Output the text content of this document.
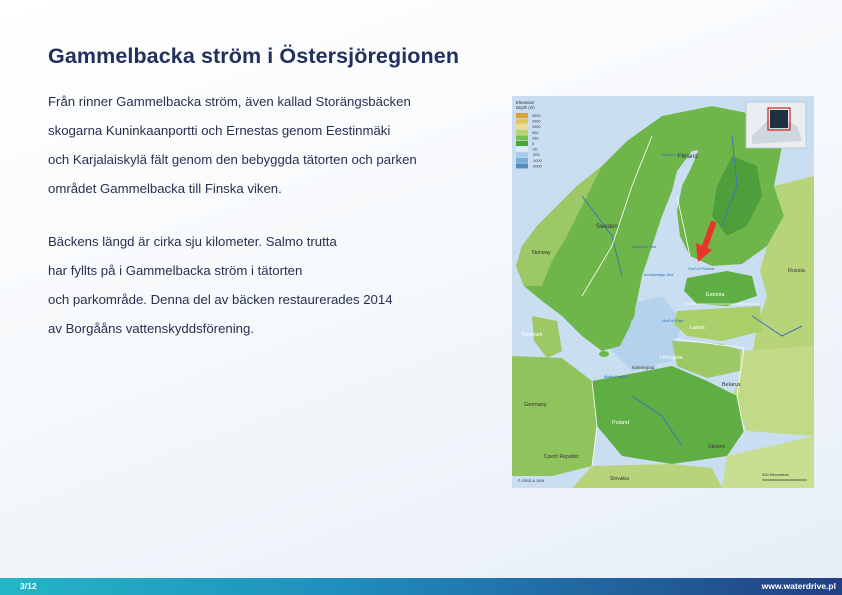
Gammelbacka ström i Östersjöregionen
Från rinner Gammelbacka ström, även kallad Storängsbäcken
skogarna Kuninkaanportti och Ernestas genom Eestinmäki
och Karjalaiskylä fält genom den bebyggda tätorten och parken
området Gammelbacka till Finska viken.
Bäckens längd är cirka sju kilometer. Salmo trutta
har fyllts på i Gammelbacka ström i tätorten
och parkområde. Denna del av bäcken restaurerades 2014
av Borgååns vattenskyddsförening.
Elevation/
Depth (m)
4000
2000
1000
500
200
0
-20
-200
-1000
-2000
Finland
Sweden
Norway
Estonia
Latvia
Lithuania
Russia
Belarus
Poland
Germany
Denmark
Ukraine
Czech Republic
Slovakia
Kaliningrad
Bothnian Sea
Bothnian Bay
Gulf of Finland
Gulf of Riga
Baltic Proper
Archipelago Sea
500 Kilometres
© GRID-A 2004
3/12	www.waterdrive.pl
